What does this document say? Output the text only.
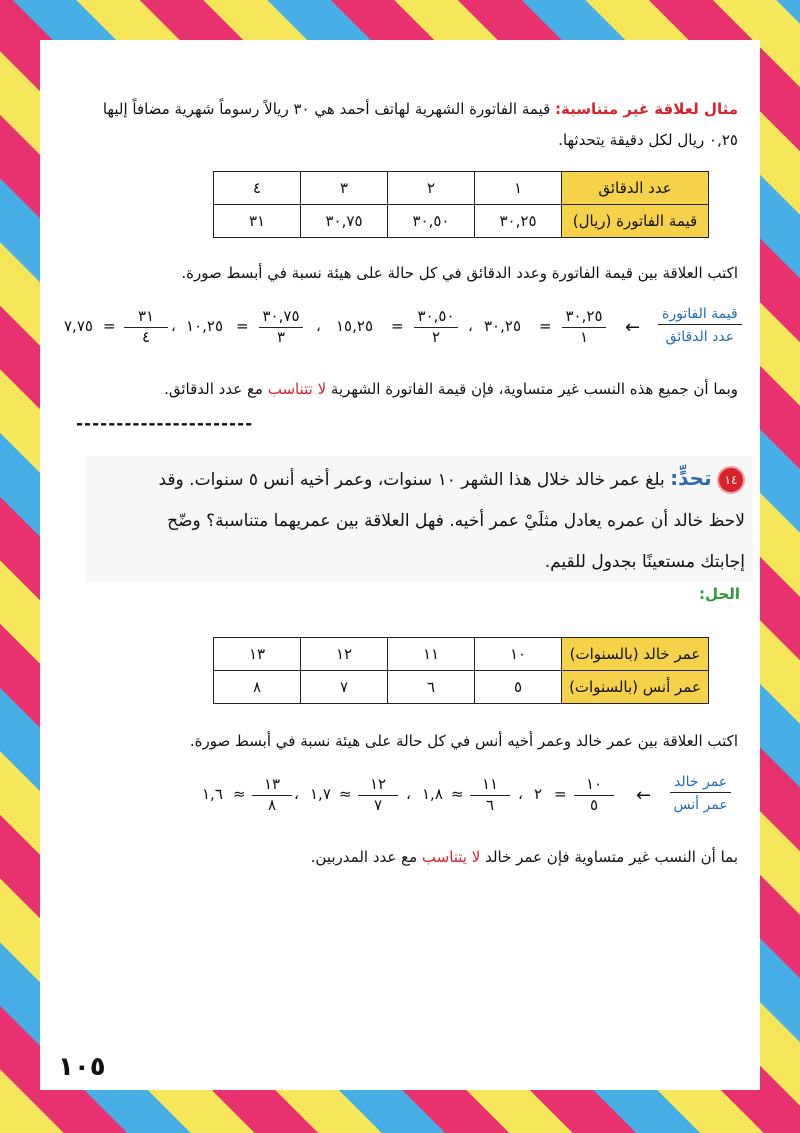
مثال لعلاقة غير متناسبة: قيمة الفاتورة الشهرية لهاتف أحمد هي ٣٠ ريالاً رسوماً شهرية مضافاً إليها

٠,٢٥ ريال لكل دقيقة يتحدثها.

عدد الدقائق	١	٢	٣	٤
قيمة الفاتورة (ريال)	٣٠,٢٥	٣٠,٥٠	٣٠,٧٥	٣١

اكتب العلاقة بين قيمة الفاتورة وعدد الدقائق في كل حالة على هيئة نسبة في أبسط صورة.

قيمة الفاتورة
عدد الدقائق
←
٣٠,٢٥
١
=
٣٠,٢٥
،
٣٠,٥٠
٢
=
١٥,٢٥
،
٣٠,٧٥
٣
=
١٠,٢٥
،
٣١
٤
=
٧,٧٥

وبما أن جميع هذه النسب غير متساوية، فإن قيمة الفاتورة الشهرية لا تتناسب مع عدد الدقائق.

----------------------

١٤ تحدٍّ: بلغ عمر خالد خلال هذا الشهر ١٠ سنوات، وعمر أخيه أنس ٥ سنوات. وقد

لاحظ خالد أن عمره يعادل مثلَيْ عمر أخيه. فهل العلاقة بين عمريهما متناسبة؟ وضّح

إجابتك مستعينًا بجدول للقيم.

الحل:
عمر خالد (بالسنوات)	١٠	١١	١٢	١٣
عمر أنس (بالسنوات)	٥	٦	٧	٨

اكتب العلاقة بين عمر خالد وعمر أخيه أنس في كل حالة على هيئة نسبة في أبسط صورة.

عمر خالد
عمر أنس
←
١٠
٥
=
٢
،
١١
٦
≈
١,٨
،
١٢
٧
≈
١,٧
،
١٣
٨
≈
١,٦

بما أن النسب غير متساوية فإن عمر خالد لا يتناسب مع عدد المدربين.

١٠٥
